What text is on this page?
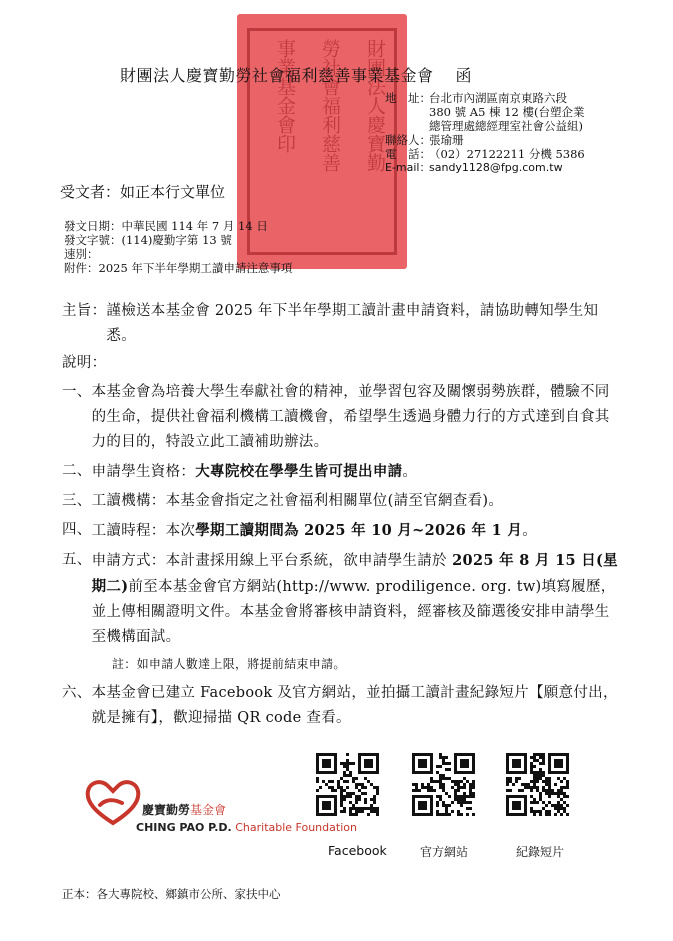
財團法人慶寶勤
勞社會福利慈善
事業基金會印
財團法人慶寶勤勞社會福利慈善事業基金會 函
地　址：
台北市內湖區南京東路六段
380 號 A5 棟 12 樓(台塑企業
總管理處總經理室社會公益組)
聯絡人：
張瑜珊
電　話：
（02）27122211 分機 5386
E-mail：
sandy1128@fpg.com.tw
受文者：如正本行文單位
發文日期：中華民國 114 年 7 月 14 日
發文字號：(114)慶勤字第 13 號
速別：
附件：2025 年下半年學期工讀申請注意事項
主旨： 謹檢送本基金會 2025 年下半年學期工讀計畫申請資料，請協助轉知學生知悉。
說明：
一、 本基金會為培養大學生奉獻社會的精神，並學習包容及關懷弱勢族群，體驗不同的生命，提供社會福利機構工讀機會，希望學生透過身體力行的方式達到自食其力的目的，特設立此工讀補助辦法。
二、 申請學生資格：大專院校在學學生皆可提出申請。
三、 工讀機構：本基金會指定之社會福利相關單位(請至官網查看)。
四、 工讀時程：本次學期工讀期間為 2025 年 10 月~2026 年 1 月。
五、 申請方式：本計畫採用線上平台系統，欲申請學生請於 2025 年 8 月 15 日(星期二)前至本基金會官方網站(http://www. prodiligence. org. tw)填寫履歷，並上傳相關證明文件。本基金會將審核申請資料，經審核及篩選後安排申請學生至機構面試。
註：如申請人數達上限，將提前結束申請。
六、 本基金會已建立 Facebook 及官方網站，並拍攝工讀計畫紀錄短片【願意付出，就是擁有】，歡迎掃描 QR code 查看。
慶寶勤勞基金會
CHING PAO P.D. Charitable Foundation
Facebook	官方網站	紀錄短片
正本：各大專院校、鄉鎮市公所、家扶中心
